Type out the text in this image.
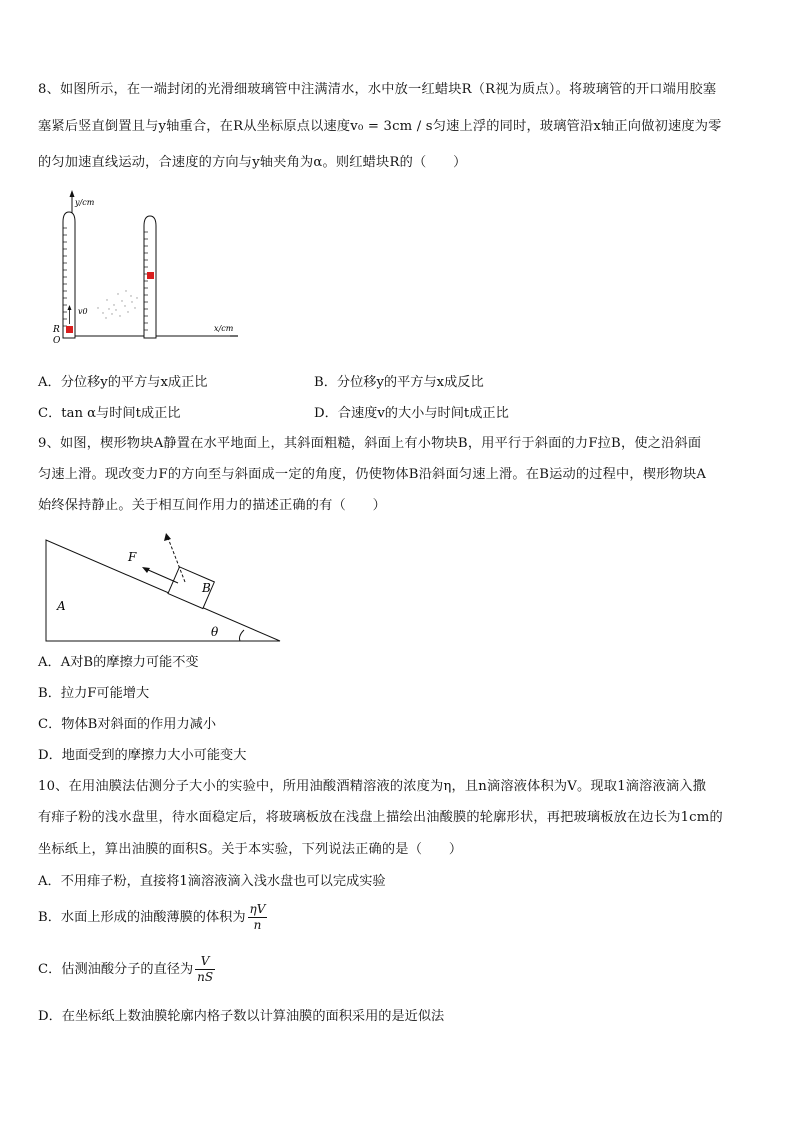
8、如图所示，在一端封闭的光滑细玻璃管中注满清水，水中放一红蜡块R（R视为质点）。将玻璃管的开口端用胶塞
塞紧后竖直倒置且与y轴重合，在R从坐标原点以速度v₀ = 3cm / s匀速上浮的同时，玻璃管沿x轴正向做初速度为零
的匀加速直线运动，合速度的方向与y轴夹角为α。则红蜡块R的（　　）
y/cm
x/cm
v0
R
O
A．分位移y的平方与x成正比	B．分位移y的平方与x成反比
C．tan α与时间t成正比	D．合速度v的大小与时间t成正比
9、如图，楔形物块A静置在水平地面上，其斜面粗糙，斜面上有小物块B，用平行于斜面的力F拉B，使之沿斜面
匀速上滑。现改变力F的方向至与斜面成一定的角度，仍使物体B沿斜面匀速上滑。在B运动的过程中，楔形物块A
始终保持静止。关于相互间作用力的描述正确的有（　　）
A
B
F
θ
A．A对B的摩擦力可能不变
B．拉力F可能增大
C．物体B对斜面的作用力减小
D．地面受到的摩擦力大小可能变大
10、在用油膜法估测分子大小的实验中，所用油酸酒精溶液的浓度为η，且n滴溶液体积为V。现取1滴溶液滴入撒
有痱子粉的浅水盘里，待水面稳定后，将玻璃板放在浅盘上描绘出油酸膜的轮廓形状，再把玻璃板放在边长为1cm的
坐标纸上，算出油膜的面积S。关于本实验，下列说法正确的是（　　）
A．不用痱子粉，直接将1滴溶液滴入浅水盘也可以完成实验
B．水面上形成的油酸薄膜的体积为 $\frac{\eta V}{n}$
C．估测油酸分子的直径为 $\frac{V}{nS}$
D．在坐标纸上数油膜轮廓内格子数以计算油膜的面积采用的是近似法
